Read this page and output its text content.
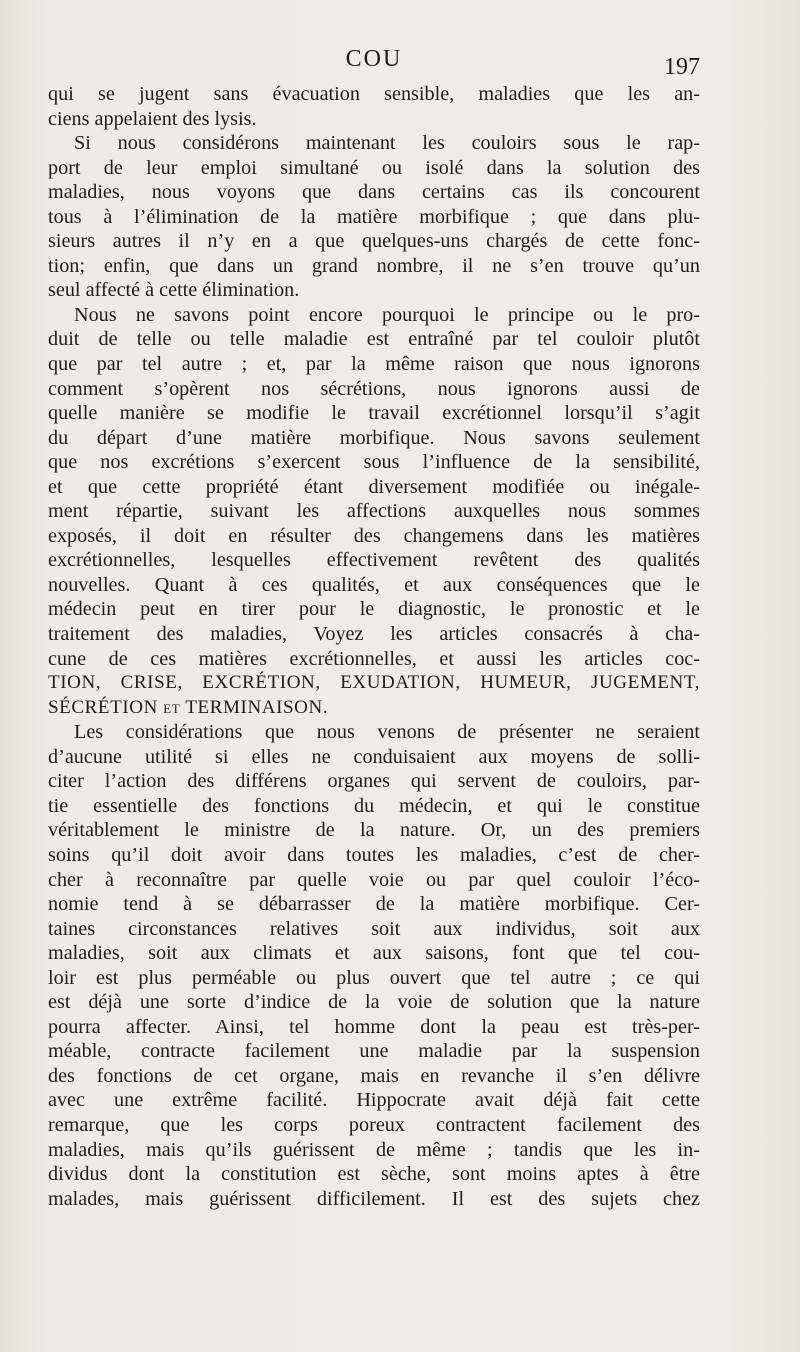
COU	197
qui se jugent sans évacuation sensible, maladies que les an-
ciens appelaient des lysis.
Si nous considérons maintenant les couloirs sous le rap-
port de leur emploi simultané ou isolé dans la solution des
maladies, nous voyons que dans certains cas ils concourent
tous à l’élimination de la matière morbifique ; que dans plu-
sieurs autres il n’y en a que quelques-uns chargés de cette fonc-
tion; enfin, que dans un grand nombre, il ne s’en trouve qu’un
seul affecté à cette élimination.
Nous ne savons point encore pourquoi le principe ou le pro-
duit de telle ou telle maladie est entraîné par tel couloir plutôt
que par tel autre ; et, par la même raison que nous ignorons
comment s’opèrent nos sécrétions, nous ignorons aussi de
quelle manière se modifie le travail excrétionnel lorsqu’il s’agit
du départ d’une matière morbifique. Nous savons seulement
que nos excrétions s’exercent sous l’influence de la sensibilité,
et que cette propriété étant diversement modifiée ou inégale-
ment répartie, suivant les affections auxquelles nous sommes
exposés, il doit en résulter des changemens dans les matières
excrétionnelles, lesquelles effectivement revêtent des qualités
nouvelles. Quant à ces qualités, et aux conséquences que le
médecin peut en tirer pour le diagnostic, le pronostic et le
traitement des maladies, Voyez les articles consacrés à cha-
cune de ces matières excrétionnelles, et aussi les articles coc-
TION, CRISE, EXCRÉTION, EXUDATION, HUMEUR, JUGEMENT,
SÉCRÉTION et TERMINAISON.
Les considérations que nous venons de présenter ne seraient
d’aucune utilité si elles ne conduisaient aux moyens de solli-
citer l’action des différens organes qui servent de couloirs, par-
tie essentielle des fonctions du médecin, et qui le constitue
véritablement le ministre de la nature. Or, un des premiers
soins qu’il doit avoir dans toutes les maladies, c’est de cher-
cher à reconnaître par quelle voie ou par quel couloir l’éco-
nomie tend à se débarrasser de la matière morbifique. Cer-
taines circonstances relatives soit aux individus, soit aux
maladies, soit aux climats et aux saisons, font que tel cou-
loir est plus perméable ou plus ouvert que tel autre ; ce qui
est déjà une sorte d’indice de la voie de solution que la nature
pourra affecter. Ainsi, tel homme dont la peau est très-per-
méable, contracte facilement une maladie par la suspension
des fonctions de cet organe, mais en revanche il s’en délivre
avec une extrême facilité. Hippocrate avait déjà fait cette
remarque, que les corps poreux contractent facilement des
maladies, mais qu’ils guérissent de même ; tandis que les in-
dividus dont la constitution est sèche, sont moins aptes à être
malades, mais guérissent difficilement. Il est des sujets chez
